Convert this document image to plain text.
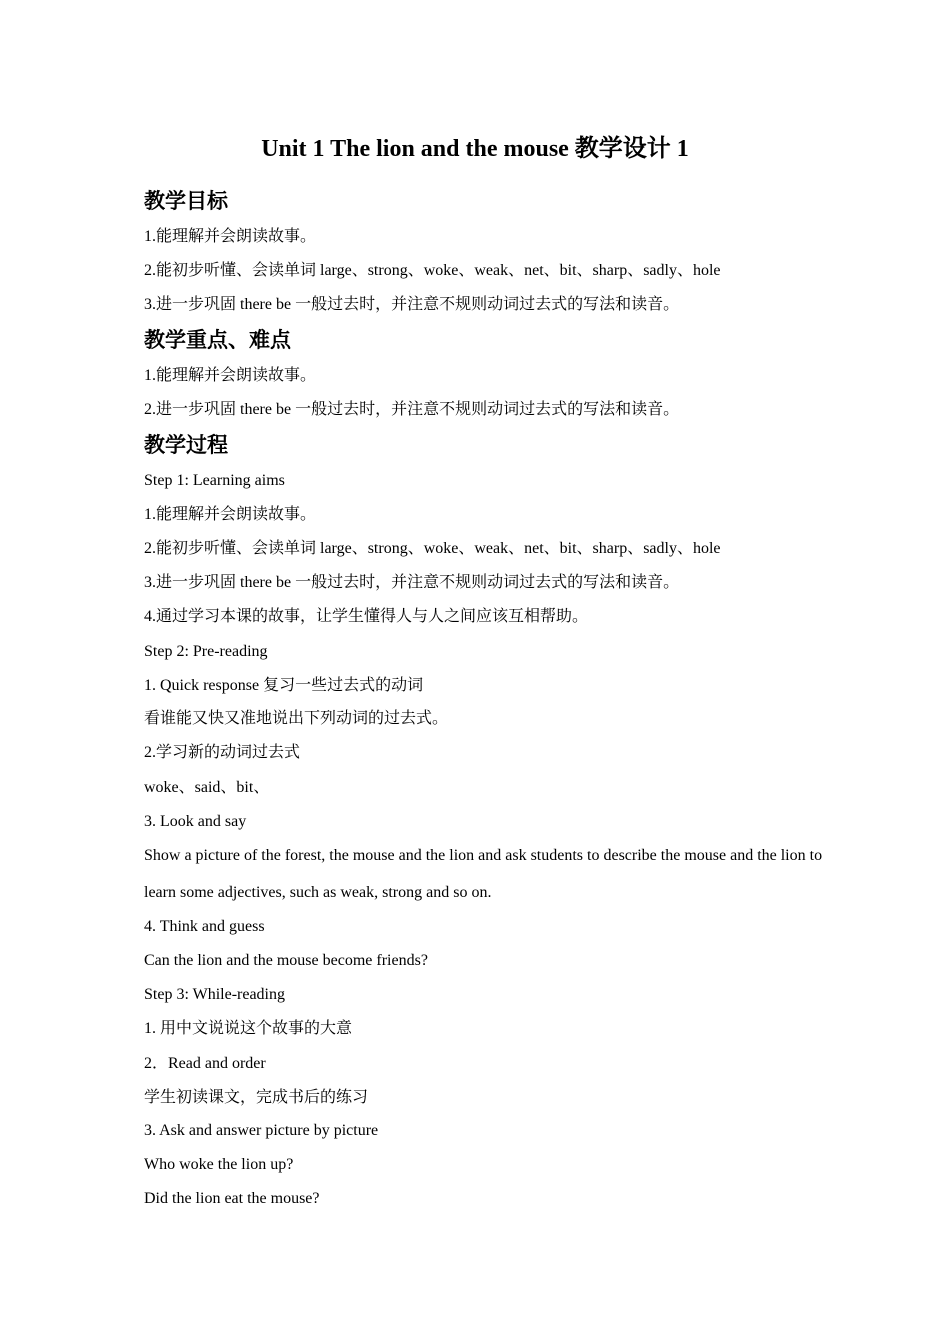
Unit 1 The lion and the mouse 教学设计 1
教学目标
1.能理解并会朗读故事。
2.能初步听懂、会读单词 large、strong、woke、weak、net、bit、sharp、sadly、hole
3.进一步巩固 there be 一般过去时，并注意不规则动词过去式的写法和读音。
教学重点、难点
1.能理解并会朗读故事。
2.进一步巩固 there be 一般过去时，并注意不规则动词过去式的写法和读音。
教学过程
Step 1: Learning aims
1.能理解并会朗读故事。
2.能初步听懂、会读单词 large、strong、woke、weak、net、bit、sharp、sadly、hole
3.进一步巩固 there be 一般过去时，并注意不规则动词过去式的写法和读音。
4.通过学习本课的故事，让学生懂得人与人之间应该互相帮助。
Step 2: Pre-reading
1. Quick response 复习一些过去式的动词
看谁能又快又准地说出下列动词的过去式。
2.学习新的动词过去式
woke、said、bit、
3. Look and say
Show a picture of the forest, the mouse and the lion and ask students to describe the mouse and the lion to learn some adjectives, such as weak, strong and so on.
4. Think and guess
Can the lion and the mouse become friends?
Step 3: While-reading
1. 用中文说说这个故事的大意
2．Read and order
学生初读课文，完成书后的练习
3. Ask and answer picture by picture
Who woke the lion up?
Did the lion eat the mouse?
